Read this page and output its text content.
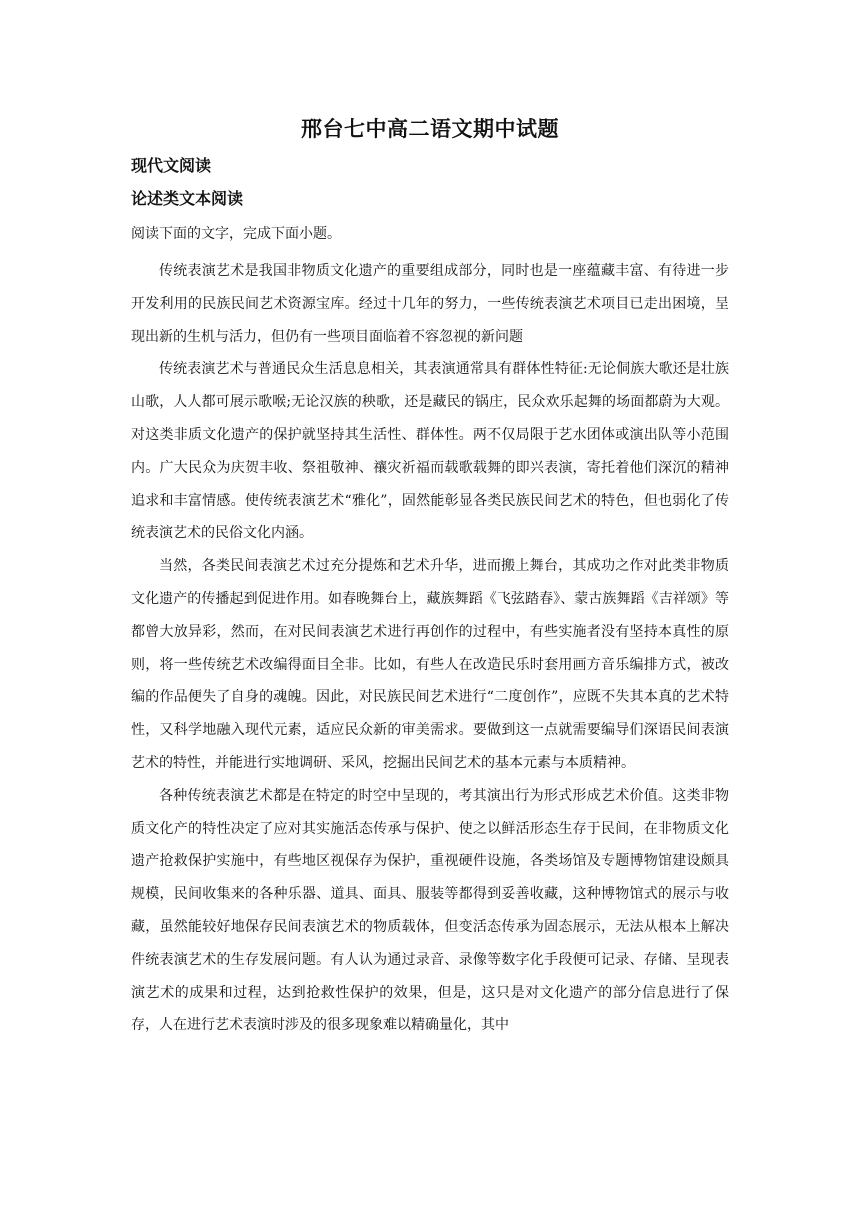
邢台七中高二语文期中试题
现代文阅读
论述类文本阅读
阅读下面的文字，完成下面小题。

传统表演艺术是我国非物质文化遗产的重要组成部分，同时也是一座蕴藏丰富、有待进一步开发利用的民族民间艺术资源宝库。经过十几年的努力，一些传统表演艺术项目已走出困境，呈现出新的生机与活力，但仍有一些项目面临着不容忽视的新问题

传统表演艺术与普通民众生活息息相关，其表演通常具有群体性特征:无论侗族大歌还是壮族山歌，人人都可展示歌喉;无论汉族的秧歌，还是藏民的锅庄，民众欢乐起舞的场面都蔚为大观。对这类非质文化遗产的保护就坚持其生活性、群体性。两不仅局限于艺水团体或演出队等小范围内。广大民众为庆贺丰收、祭祖敬神、禳灾祈福而载歌载舞的即兴表演，寄托着他们深沉的精神追求和丰富情感。使传统表演艺术“雅化”，固然能彰显各类民族民间艺术的特色，但也弱化了传统表演艺术的民俗文化内涵。

当然，各类民间表演艺术过充分提炼和艺术升华，进而搬上舞台，其成功之作对此类非物质文化遗产的传播起到促进作用。如春晚舞台上，藏族舞蹈《飞弦踏春》、蒙古族舞蹈《吉祥颂》等都曾大放异彩，然而，在对民间表演艺术进行再创作的过程中，有些实施者没有坚持本真性的原则，将一些传统艺术改编得面目全非。比如，有些人在改造民乐时套用画方音乐编排方式，被改编的作品便失了自身的魂魄。因此，对民族民间艺术进行“二度创作”，应既不失其本真的艺术特性，又科学地融入现代元素，适应民众新的审美需求。要做到这一点就需要编导们深语民间表演艺术的特性，并能进行实地调研、采风，挖掘出民间艺术的基本元素与本质精神。

各种传统表演艺术都是在特定的时空中呈现的，考其演出行为形式形成艺术价值。这类非物质文化产的特性决定了应对其实施活态传承与保护、使之以鲜活形态生存于民间，在非物质文化遗产抢救保护实施中，有些地区视保存为保护，重视硬件设施，各类场馆及专题博物馆建设颇具规模，民间收集来的各种乐器、道具、面具、服装等都得到妥善收藏，这种博物馆式的展示与收藏，虽然能较好地保存民间表演艺术的物质载体，但变活态传承为固态展示，无法从根本上解决件统表演艺术的生存发展问题。有人认为通过录音、录像等数字化手段便可记录、存储、呈现表演艺术的成果和过程，达到抢救性保护的效果，但是，这只是对文化遗产的部分信息进行了保存，人在进行艺术表演时涉及的很多现象难以精确量化，其中
